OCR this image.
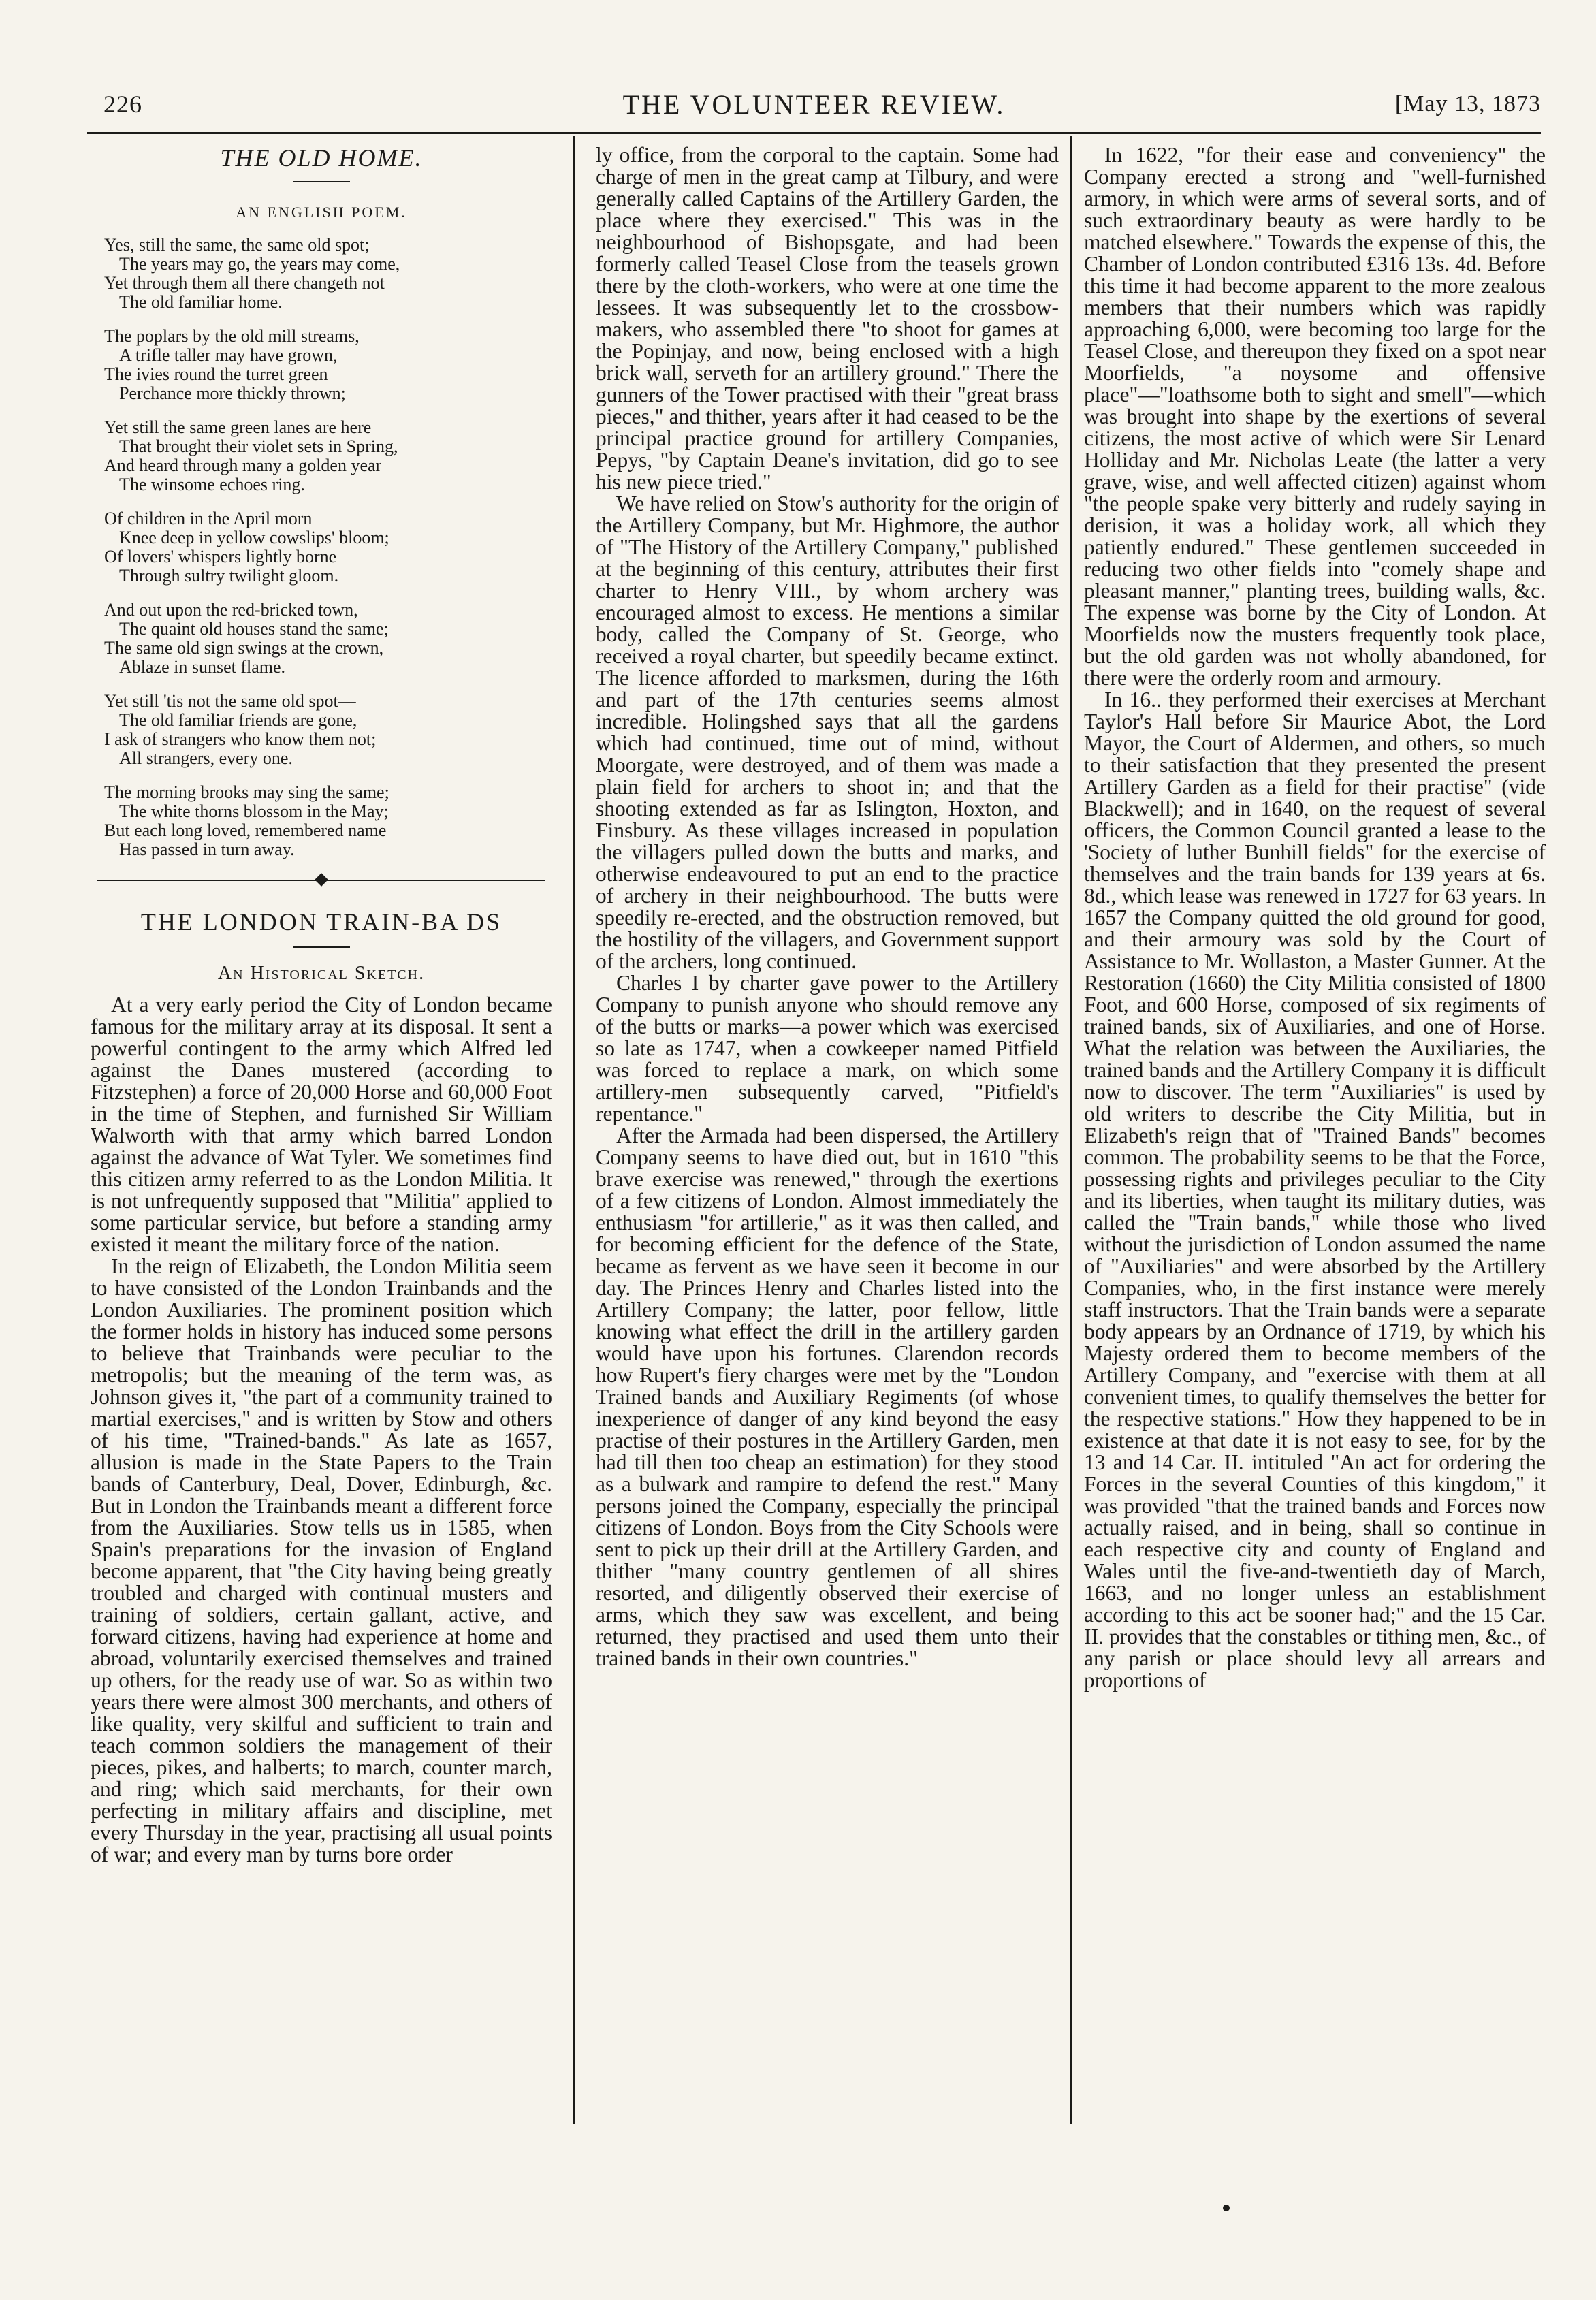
226	THE VOLUNTEER REVIEW.	[May 13, 1873
THE OLD HOME.
AN ENGLISH POEM.
Yes, still the same, the same old spot;
The years may go, the years may come,
Yet through them all there changeth not
The old familiar home.
The poplars by the old mill streams,
A trifle taller may have grown,
The ivies round the turret green
Perchance more thickly thrown;
Yet still the same green lanes are here
That brought their violet sets in Spring,
And heard through many a golden year
The winsome echoes ring.
Of children in the April morn
Knee deep in yellow cowslips' bloom;
Of lovers' whispers lightly borne
Through sultry twilight gloom.
And out upon the red-bricked town,
The quaint old houses stand the same;
The same old sign swings at the crown,
Ablaze in sunset flame.
Yet still 'tis not the same old spot—
The old familiar friends are gone,
I ask of strangers who know them not;
All strangers, every one.
The morning brooks may sing the same;
The white thorns blossom in the May;
But each long loved, remembered name
Has passed in turn away.
THE LONDON TRAIN-BA DS
An Historical Sketch.

At a very early period the City of London became famous for the military array at its disposal. It sent a powerful contingent to the army which Alfred led against the Danes mustered (according to Fitzstephen) a force of 20,000 Horse and 60,000 Foot in the time of Stephen, and furnished Sir William Walworth with that army which barred London against the advance of Wat Tyler. We sometimes find this citizen army referred to as the London Militia. It is not unfrequently supposed that "Militia" applied to some particular service, but before a standing army existed it meant the military force of the nation.

In the reign of Elizabeth, the London Militia seem to have consisted of the London Trainbands and the London Auxiliaries. The prominent position which the former holds in history has induced some persons to believe that Trainbands were peculiar to the metropolis; but the meaning of the term was, as Johnson gives it, "the part of a community trained to martial exercises," and is written by Stow and others of his time, "Trained-bands." As late as 1657, allusion is made in the State Papers to the Train bands of Canterbury, Deal, Dover, Edinburgh, &c. But in London the Trainbands meant a different force from the Auxiliaries. Stow tells us in 1585, when Spain's preparations for the invasion of England become apparent, that "the City having being greatly troubled and charged with continual musters and training of soldiers, certain gallant, active, and forward citizens, having had experience at home and abroad, voluntarily exercised themselves and trained up others, for the ready use of war. So as within two years there were almost 300 merchants, and others of like quality, very skilful and sufficient to train and teach common soldiers the management of their pieces, pikes, and halberts; to march, counter march, and ring; which said merchants, for their own perfecting in military affairs and discipline, met every Thursday in the year, practising all usual points of war; and every man by turns bore order

ly office, from the corporal to the captain. Some had charge of men in the great camp at Tilbury, and were generally called Captains of the Artillery Garden, the place where they exercised." This was in the neighbourhood of Bishopsgate, and had been formerly called Teasel Close from the teasels grown there by the cloth-workers, who were at one time the lessees. It was subsequently let to the crossbow-makers, who assembled there "to shoot for games at the Popinjay, and now, being enclosed with a high brick wall, serveth for an artillery ground." There the gunners of the Tower practised with their "great brass pieces," and thither, years after it had ceased to be the principal practice ground for artillery Companies, Pepys, "by Captain Deane's invitation, did go to see his new piece tried."

We have relied on Stow's authority for the origin of the Artillery Company, but Mr. Highmore, the author of "The History of the Artillery Company," published at the beginning of this century, attributes their first charter to Henry VIII., by whom archery was encouraged almost to excess. He mentions a similar body, called the Company of St. George, who received a royal charter, but speedily became extinct. The licence afforded to marksmen, during the 16th and part of the 17th centuries seems almost incredible. Holingshed says that all the gardens which had continued, time out of mind, without Moorgate, were destroyed, and of them was made a plain field for archers to shoot in; and that the shooting extended as far as Islington, Hoxton, and Finsbury. As these villages increased in population the villagers pulled down the butts and marks, and otherwise endeavoured to put an end to the practice of archery in their neighbourhood. The butts were speedily re-erected, and the obstruction removed, but the hostility of the villagers, and Government support of the archers, long continued.

Charles I by charter gave power to the Artillery Company to punish anyone who should remove any of the butts or marks—a power which was exercised so late as 1747, when a cowkeeper named Pitfield was forced to replace a mark, on which some artillery-men subsequently carved, "Pitfield's repentance."

After the Armada had been dispersed, the Artillery Company seems to have died out, but in 1610 "this brave exercise was renewed," through the exertions of a few citizens of London. Almost immediately the enthusiasm "for artillerie," as it was then called, and for becoming efficient for the defence of the State, became as fervent as we have seen it become in our day. The Princes Henry and Charles listed into the Artillery Company; the latter, poor fellow, little knowing what effect the drill in the artillery garden would have upon his fortunes. Clarendon records how Rupert's fiery charges were met by the "London Trained bands and Auxiliary Regiments (of whose inexperience of danger of any kind beyond the easy practise of their postures in the Artillery Garden, men had till then too cheap an estimation) for they stood as a bulwark and rampire to defend the rest." Many persons joined the Company, especially the principal citizens of London. Boys from the City Schools were sent to pick up their drill at the Artillery Garden, and thither "many country gentlemen of all shires resorted, and diligently observed their exercise of arms, which they saw was excellent, and being returned, they practised and used them unto their trained bands in their own countries."

In 1622, "for their ease and conveniency" the Company erected a strong and "well-furnished armory, in which were arms of several sorts, and of such extraordinary beauty as were hardly to be matched elsewhere." Towards the expense of this, the Chamber of London contributed £316 13s. 4d. Before this time it had become apparent to the more zealous members that their numbers which was rapidly approaching 6,000, were becoming too large for the Teasel Close, and thereupon they fixed on a spot near Moorfields, "a noysome and offensive place"—"loathsome both to sight and smell"—which was brought into shape by the exertions of several citizens, the most active of which were Sir Lenard Holliday and Mr. Nicholas Leate (the latter a very grave, wise, and well affected citizen) against whom "the people spake very bitterly and rudely saying in derision, it was a holiday work, all which they patiently endured." These gentlemen succeeded in reducing two other fields into "comely shape and pleasant manner," planting trees, building walls, &c. The expense was borne by the City of London. At Moorfields now the musters frequently took place, but the old garden was not wholly abandoned, for there were the orderly room and armoury.

In 16.. they performed their exercises at Merchant Taylor's Hall before Sir Maurice Abot, the Lord Mayor, the Court of Aldermen, and others, so much to their satisfaction that they presented the present Artillery Garden as a field for their practise" (vide Blackwell); and in 1640, on the request of several officers, the Common Council granted a lease to the 'Society of luther Bunhill fields" for the exercise of themselves and the train bands for 139 years at 6s. 8d., which lease was renewed in 1727 for 63 years. In 1657 the Company quitted the old ground for good, and their armoury was sold by the Court of Assistance to Mr. Wollaston, a Master Gunner. At the Restoration (1660) the City Militia consisted of 1800 Foot, and 600 Horse, composed of six regiments of trained bands, six of Auxiliaries, and one of Horse. What the relation was between the Auxiliaries, the trained bands and the Artillery Company it is difficult now to discover. The term "Auxiliaries" is used by old writers to describe the City Militia, but in Elizabeth's reign that of "Trained Bands" becomes common. The probability seems to be that the Force, possessing rights and privileges peculiar to the City and its liberties, when taught its military duties, was called the "Train bands," while those who lived without the jurisdiction of London assumed the name of "Auxiliaries" and were absorbed by the Artillery Companies, who, in the first instance were merely staff instructors. That the Train bands were a separate body appears by an Ordnance of 1719, by which his Majesty ordered them to become members of the Artillery Company, and "exercise with them at all convenient times, to qualify themselves the better for the respective stations." How they happened to be in existence at that date it is not easy to see, for by the 13 and 14 Car. II. intituled "An act for ordering the Forces in the several Counties of this kingdom," it was provided "that the trained bands and Forces now actually raised, and in being, shall so continue in each respective city and county of England and Wales until the five-and-twentieth day of March, 1663, and no longer unless an establishment according to this act be sooner had;" and the 15 Car. II. provides that the constables or tithing men, &c., of any parish or place should levy all arrears and proportions of
